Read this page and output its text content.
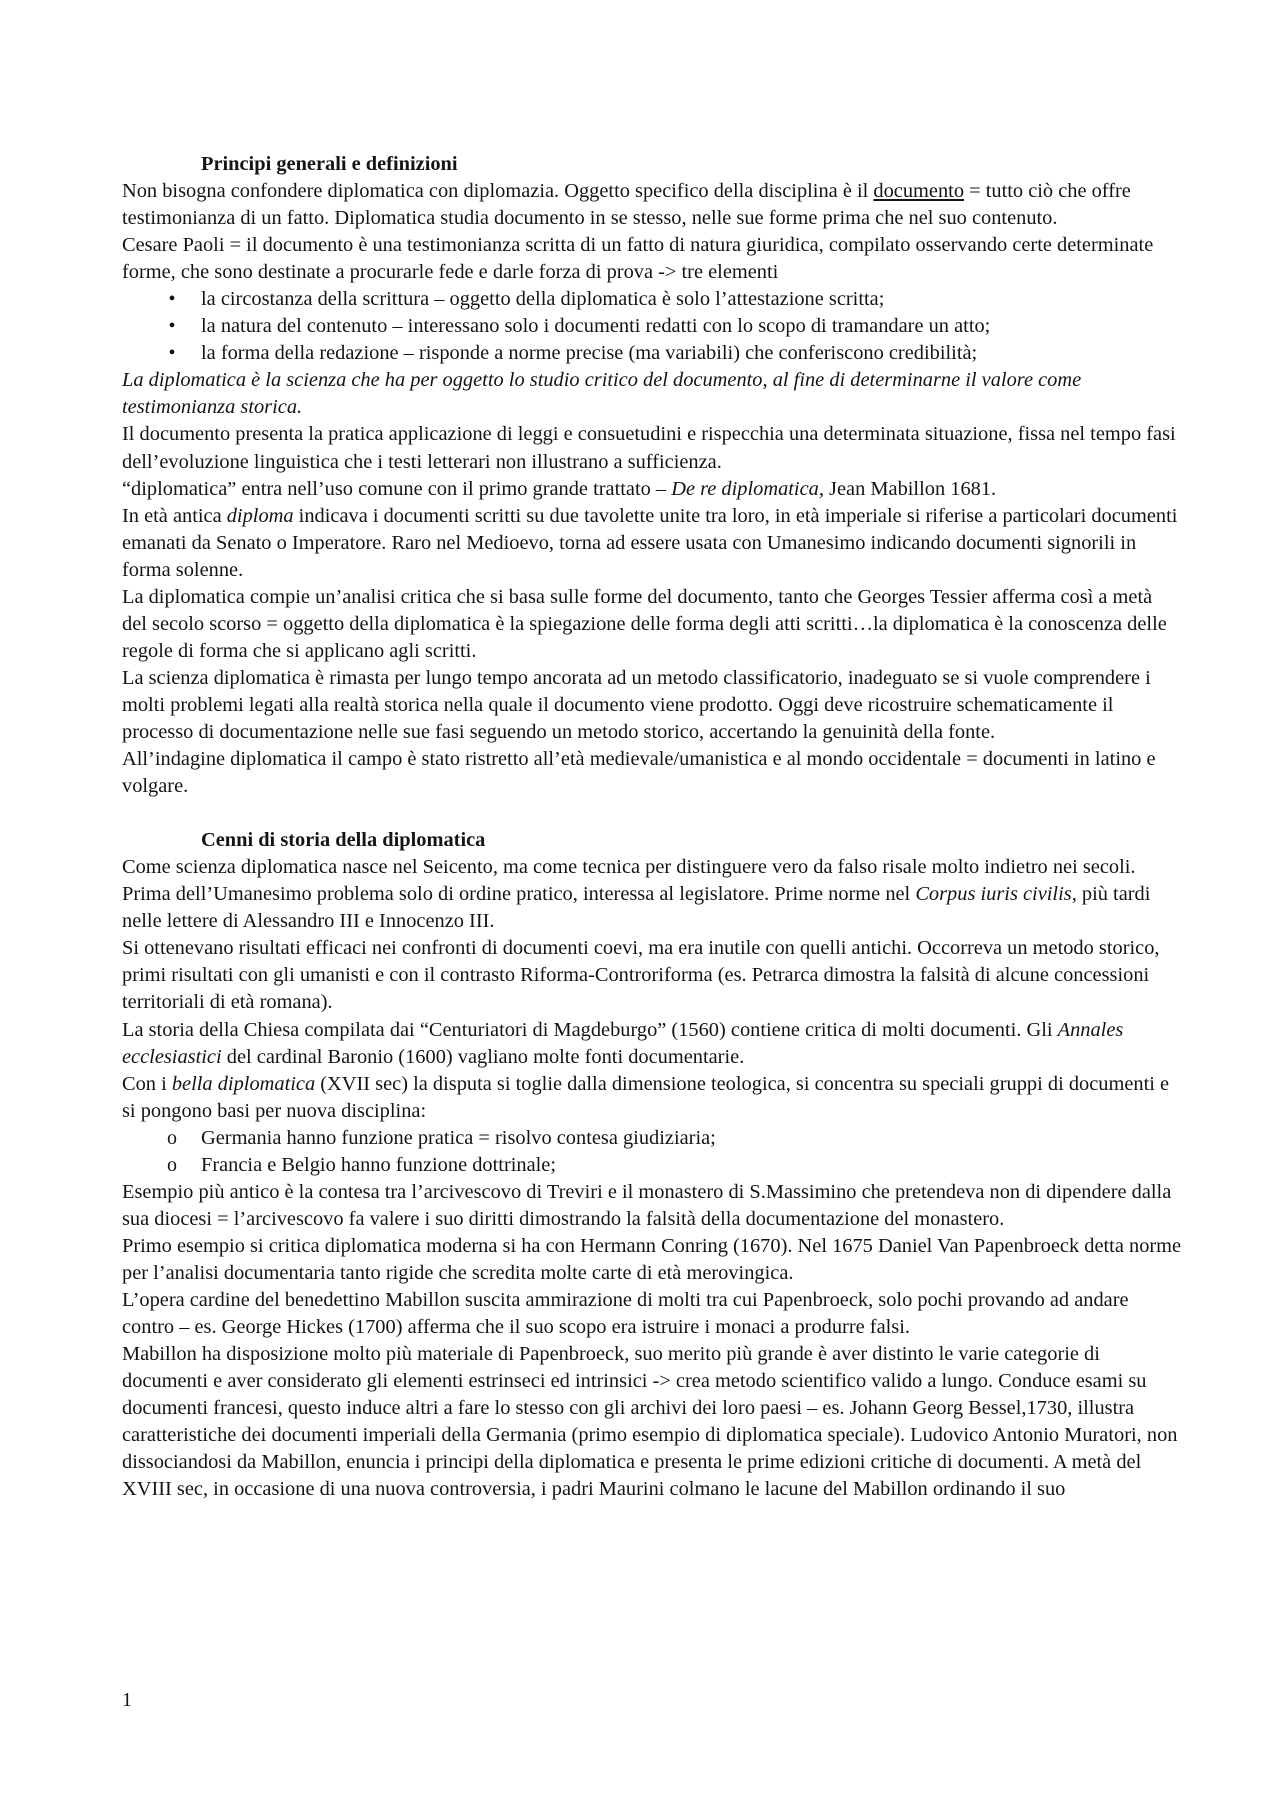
Principi generali e definizioni

Non bisogna confondere diplomatica con diplomazia. Oggetto specifico della disciplina è il documento = tutto ciò che offre testimonianza di un fatto. Diplomatica studia documento in se stesso, nelle sue forme prima che nel suo contenuto.

Cesare Paoli = il documento è una testimonianza scritta di un fatto di natura giuridica, compilato osservando certe determinate forme, che sono destinate a procurarle fede e darle forza di prova -> tre elementi

•	la circostanza della scrittura – oggetto della diplomatica è solo l’attestazione scritta;
•	la natura del contenuto – interessano solo i documenti redatti con lo scopo di tramandare un atto;
•	la forma della redazione – risponde a norme precise (ma variabili) che conferiscono credibilità;

La diplomatica è la scienza che ha per oggetto lo studio critico del documento, al fine di determinarne il valore come testimonianza storica.

Il documento presenta la pratica applicazione di leggi e consuetudini e rispecchia una determinata situazione, fissa nel tempo fasi dell’evoluzione linguistica che i testi letterari non illustrano a sufficienza.

“diplomatica” entra nell’uso comune con il primo grande trattato – De re diplomatica, Jean Mabillon 1681.

In età antica diploma indicava i documenti scritti su due tavolette unite tra loro, in età imperiale si riferise a particolari documenti emanati da Senato o Imperatore. Raro nel Medioevo, torna ad essere usata con Umanesimo indicando documenti signorili in forma solenne.

La diplomatica compie un’analisi critica che si basa sulle forme del documento, tanto che Georges Tessier afferma così a metà del secolo scorso = oggetto della diplomatica è la spiegazione delle forma degli atti scritti…la diplomatica è la conoscenza delle regole di forma che si applicano agli scritti.

La scienza diplomatica è rimasta per lungo tempo ancorata ad un metodo classificatorio, inadeguato se si vuole comprendere i molti problemi legati alla realtà storica nella quale il documento viene prodotto. Oggi deve ricostruire schematicamente il processo di documentazione nelle sue fasi seguendo un metodo storico, accertando la genuinità della fonte.

All’indagine diplomatica il campo è stato ristretto all’età medievale/umanistica e al mondo occidentale = documenti in latino e volgare.

Cenni di storia della diplomatica

Come scienza diplomatica nasce nel Seicento, ma come tecnica per distinguere vero da falso risale molto indietro nei secoli. Prima dell’Umanesimo problema solo di ordine pratico, interessa al legislatore. Prime norme nel Corpus iuris civilis, più tardi nelle lettere di Alessandro III e Innocenzo III.

Si ottenevano risultati efficaci nei confronti di documenti coevi, ma era inutile con quelli antichi. Occorreva un metodo storico, primi risultati con gli umanisti e con il contrasto Riforma-Controriforma (es. Petrarca dimostra la falsità di alcune concessioni territoriali di età romana).

La storia della Chiesa compilata dai “Centuriatori di Magdeburgo” (1560) contiene critica di molti documenti. Gli Annales ecclesiastici del cardinal Baronio (1600) vagliano molte fonti documentarie.

Con i bella diplomatica (XVII sec) la disputa si toglie dalla dimensione teologica, si concentra su speciali gruppi di documenti e si pongono basi per nuova disciplina:

o Germania hanno funzione pratica = risolvo contesa giudiziaria;
o Francia e Belgio hanno funzione dottrinale;

Esempio più antico è la contesa tra l’arcivescovo di Treviri e il monastero di S.Massimino che pretendeva non di dipendere dalla sua diocesi = l’arcivescovo fa valere i suo diritti dimostrando la falsità della documentazione del monastero.

Primo esempio si critica diplomatica moderna si ha con Hermann Conring (1670). Nel 1675 Daniel Van Papenbroeck detta norme per l’analisi documentaria tanto rigide che scredita molte carte di età merovingica.

L’opera cardine del benedettino Mabillon suscita ammirazione di molti tra cui Papenbroeck, solo pochi provando ad andare contro – es. George Hickes (1700) afferma che il suo scopo era istruire i monaci a produrre falsi.

Mabillon ha disposizione molto più materiale di Papenbroeck, suo merito più grande è aver distinto le varie categorie di documenti e aver considerato gli elementi estrinseci ed intrinsici -> crea metodo scientifico valido a lungo. Conduce esami su documenti francesi, questo induce altri a fare lo stesso con gli archivi dei loro paesi – es. Johann Georg Bessel,1730, illustra caratteristiche dei documenti imperiali della Germania (primo esempio di diplomatica speciale). Ludovico Antonio Muratori, non dissociandosi da Mabillon, enuncia i principi della diplomatica e presenta le prime edizioni critiche di documenti. A metà del XVIII sec, in occasione di una nuova controversia, i padri Maurini colmano le lacune del Mabillon ordinando il suo

1
